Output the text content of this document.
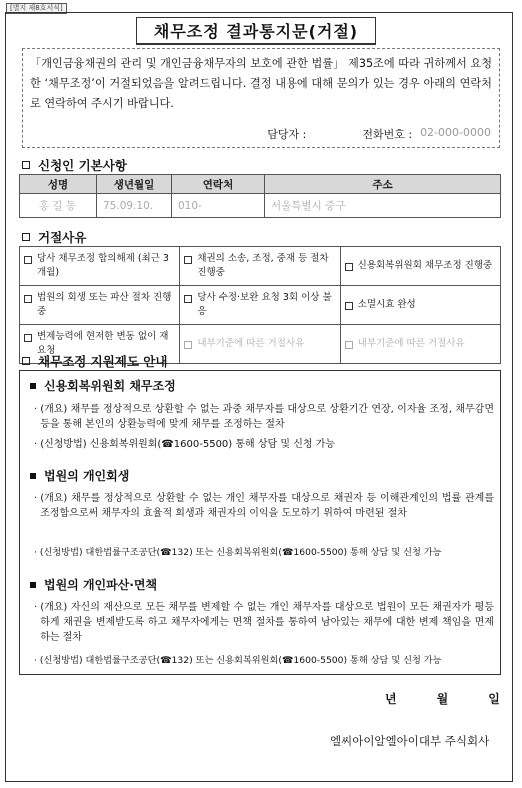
[별지 제8호서식]
채무조정 결과통지문(거절)
「개인금융채권의 관리 및 개인금융채무자의 보호에 관한 법률」 제35조에 따라 귀하께서 요청한 ‘채무조정’이 거절되었음을 알려드립니다. 결정 내용에 대해 문의가 있는 경우 아래의 연락처로 연락하여 주시기 바랍니다.
담당자 :	전화번호 : 02-000-0000
신청인 기본사항
성명	생년월일	연락처	주소
홍 길 동	75.09.10.	010-	서울특별시 중구
거절사유
당사 채무조정 합의해제 (최근 3개월)	채권의 소송, 조정, 중재 등 절차 진행중	신용회복위원회 채무조정 진행중

법원의 회생 또는 파산 절차 진행중	당사 수정·보완 요청 3회 이상 불응	소멸시효 완성

변제능력에 현저한 변동 없이 재요청	내부기준에 따른 거절사유	내부기준에 따른 거절사유
채무조정 지원제도 안내
신용회복위원회 채무조정
· (개요) 채무를 정상적으로 상환할 수 없는 과중 채무자를 대상으로 상환기간 연장, 이자율 조정, 채무감면 등을 통해 본인의 상환능력에 맞게 채무를 조정하는 절차
· (신청방법) 신용회복위원회(☎1600-5500) 통해 상담 및 신청 가능
법원의 개인회생
· (개요) 채무를 정상적으로 상환할 수 없는 개인 채무자를 대상으로 채권자 등 이해관계인의 법률 관계를 조정함으로써 채무자의 효율적 회생과 채권자의 이익을 도모하기 위하여 마련된 절차
· (신청방법) 대한법률구조공단(☎132) 또는 신용회복위원회(☎1600-5500) 통해 상담 및 신청 가능
법원의 개인파산·면책
· (개요) 자신의 재산으로 모든 채무를 변제할 수 없는 개인 채무자를 대상으로 법원이 모든 채권자가 평등하게 채권을 변제받도록 하고 채무자에게는 면책 절차를 통하여 남아있는 채무에 대한 변제 책임을 면제하는 절차
· (신청방법) 대한법률구조공단(☎132) 또는 신용회복위원회(☎1600-5500) 통해 상담 및 신청 가능
년	월	일
엘씨아이알엘아이대부 주식회사
